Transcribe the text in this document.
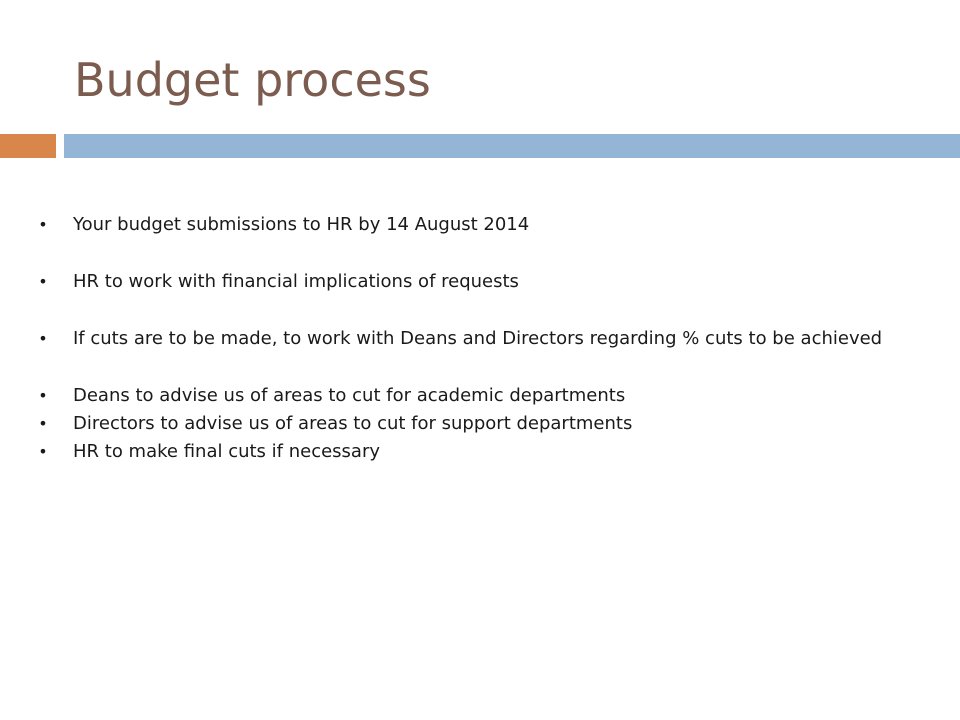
Budget process
• Your budget submissions to HR by 14 August 2014
• HR to work with financial implications of requests
• If cuts are to be made, to work with Deans and Directors regarding % cuts to be achieved
• Deans to advise us of areas to cut for academic departments
• Directors to advise us of areas to cut for support departments
• HR to make final cuts if necessary
